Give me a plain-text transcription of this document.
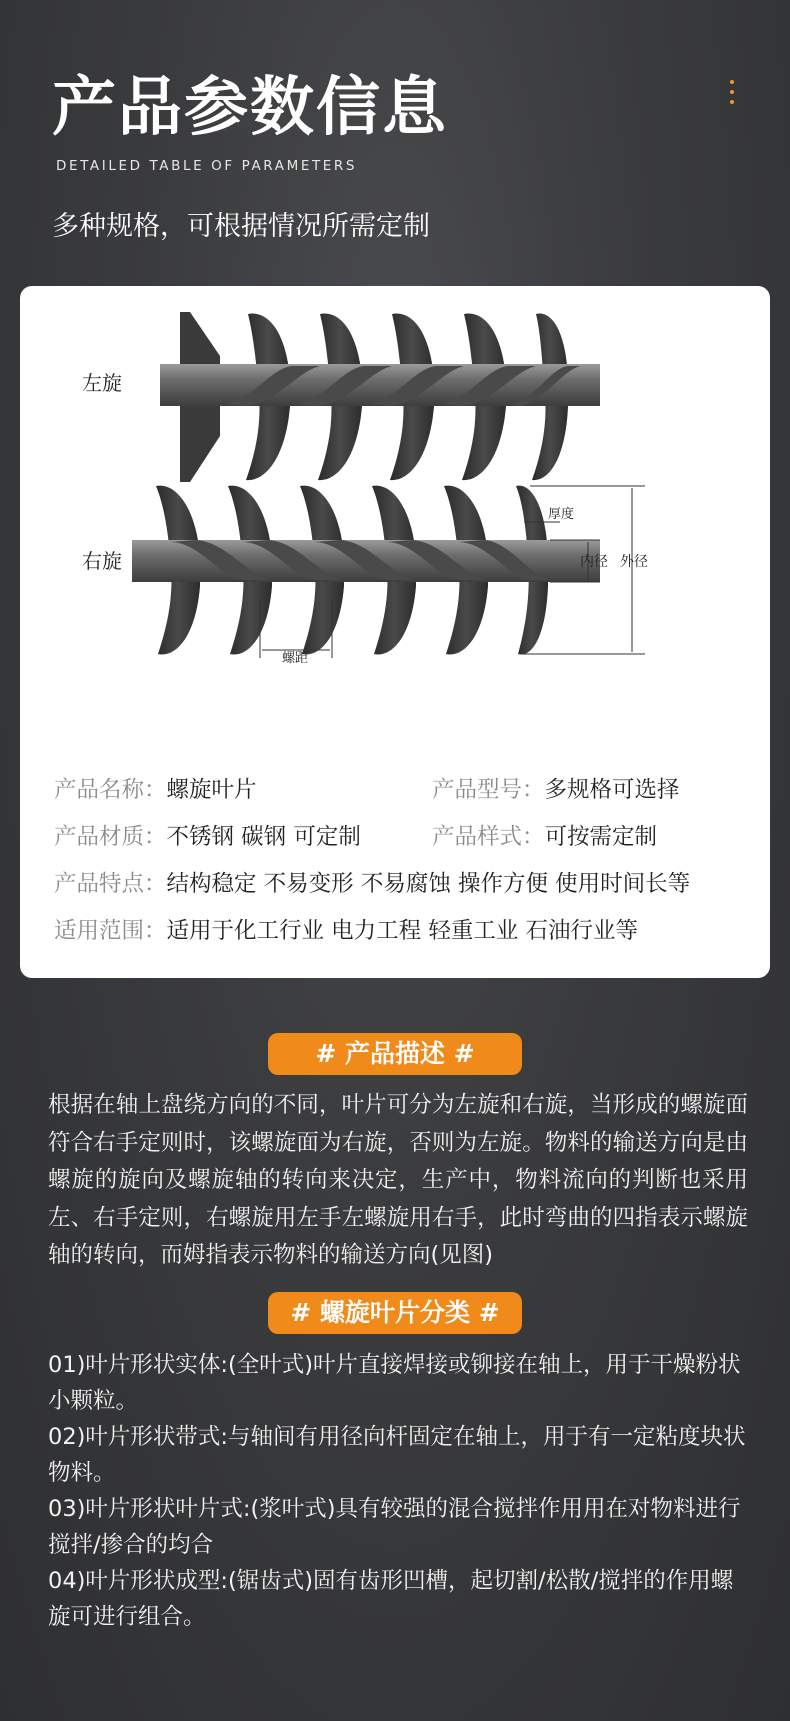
产品参数信息
DETAILED TABLE OF PARAMETERS
多种规格，可根据情况所需定制
左旋
右旋
厚度
内径 外径
螺距
产品名称：螺旋叶片	产品型号：多规格可选择
产品材质：不锈钢 碳钢 可定制	产品样式：可按需定制
产品特点：结构稳定 不易变形 不易腐蚀 操作方便 使用时间长等
适用范围：适用于化工行业 电力工程 轻重工业 石油行业等
# 产品描述 #
根据在轴上盘绕方向的不同，叶片可分为左旋和右旋，当形成的螺旋面符合右手定则时，该螺旋面为右旋，否则为左旋。物料的输送方向是由螺旋的旋向及螺旋轴的转向来决定，生产中，物料流向的判断也采用左、右手定则，右螺旋用左手左螺旋用右手，此时弯曲的四指表示螺旋轴的转向，而姆指表示物料的输送方向(见图)
# 螺旋叶片分类 #
01)叶片形状实体:(全叶式)叶片直接焊接或铆接在轴上，用于干燥粉状小颗粒。
02)叶片形状带式:与轴间有用径向杆固定在轴上，用于有一定粘度块状物料。
03)叶片形状叶片式:(浆叶式)具有较强的混合搅拌作用用在对物料进行搅拌/掺合的均合
04)叶片形状成型:(锯齿式)固有齿形凹槽，起切割/松散/搅拌的作用螺旋可进行组合。
